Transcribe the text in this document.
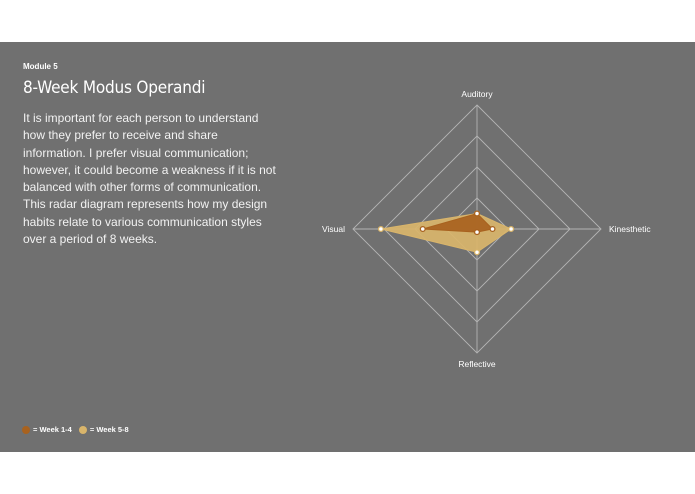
Module 5
8-Week Modus Operandi
It is important for each person to understand how they prefer to receive and share information. I prefer visual communication; however, it could become a weakness if it is not balanced with other forms of communication. This radar diagram represents how my design habits relate to various communication styles over a period of 8 weeks.
Auditory
Kinesthetic
Reflective
Visual
= Week 1-4 = Week 5-8
